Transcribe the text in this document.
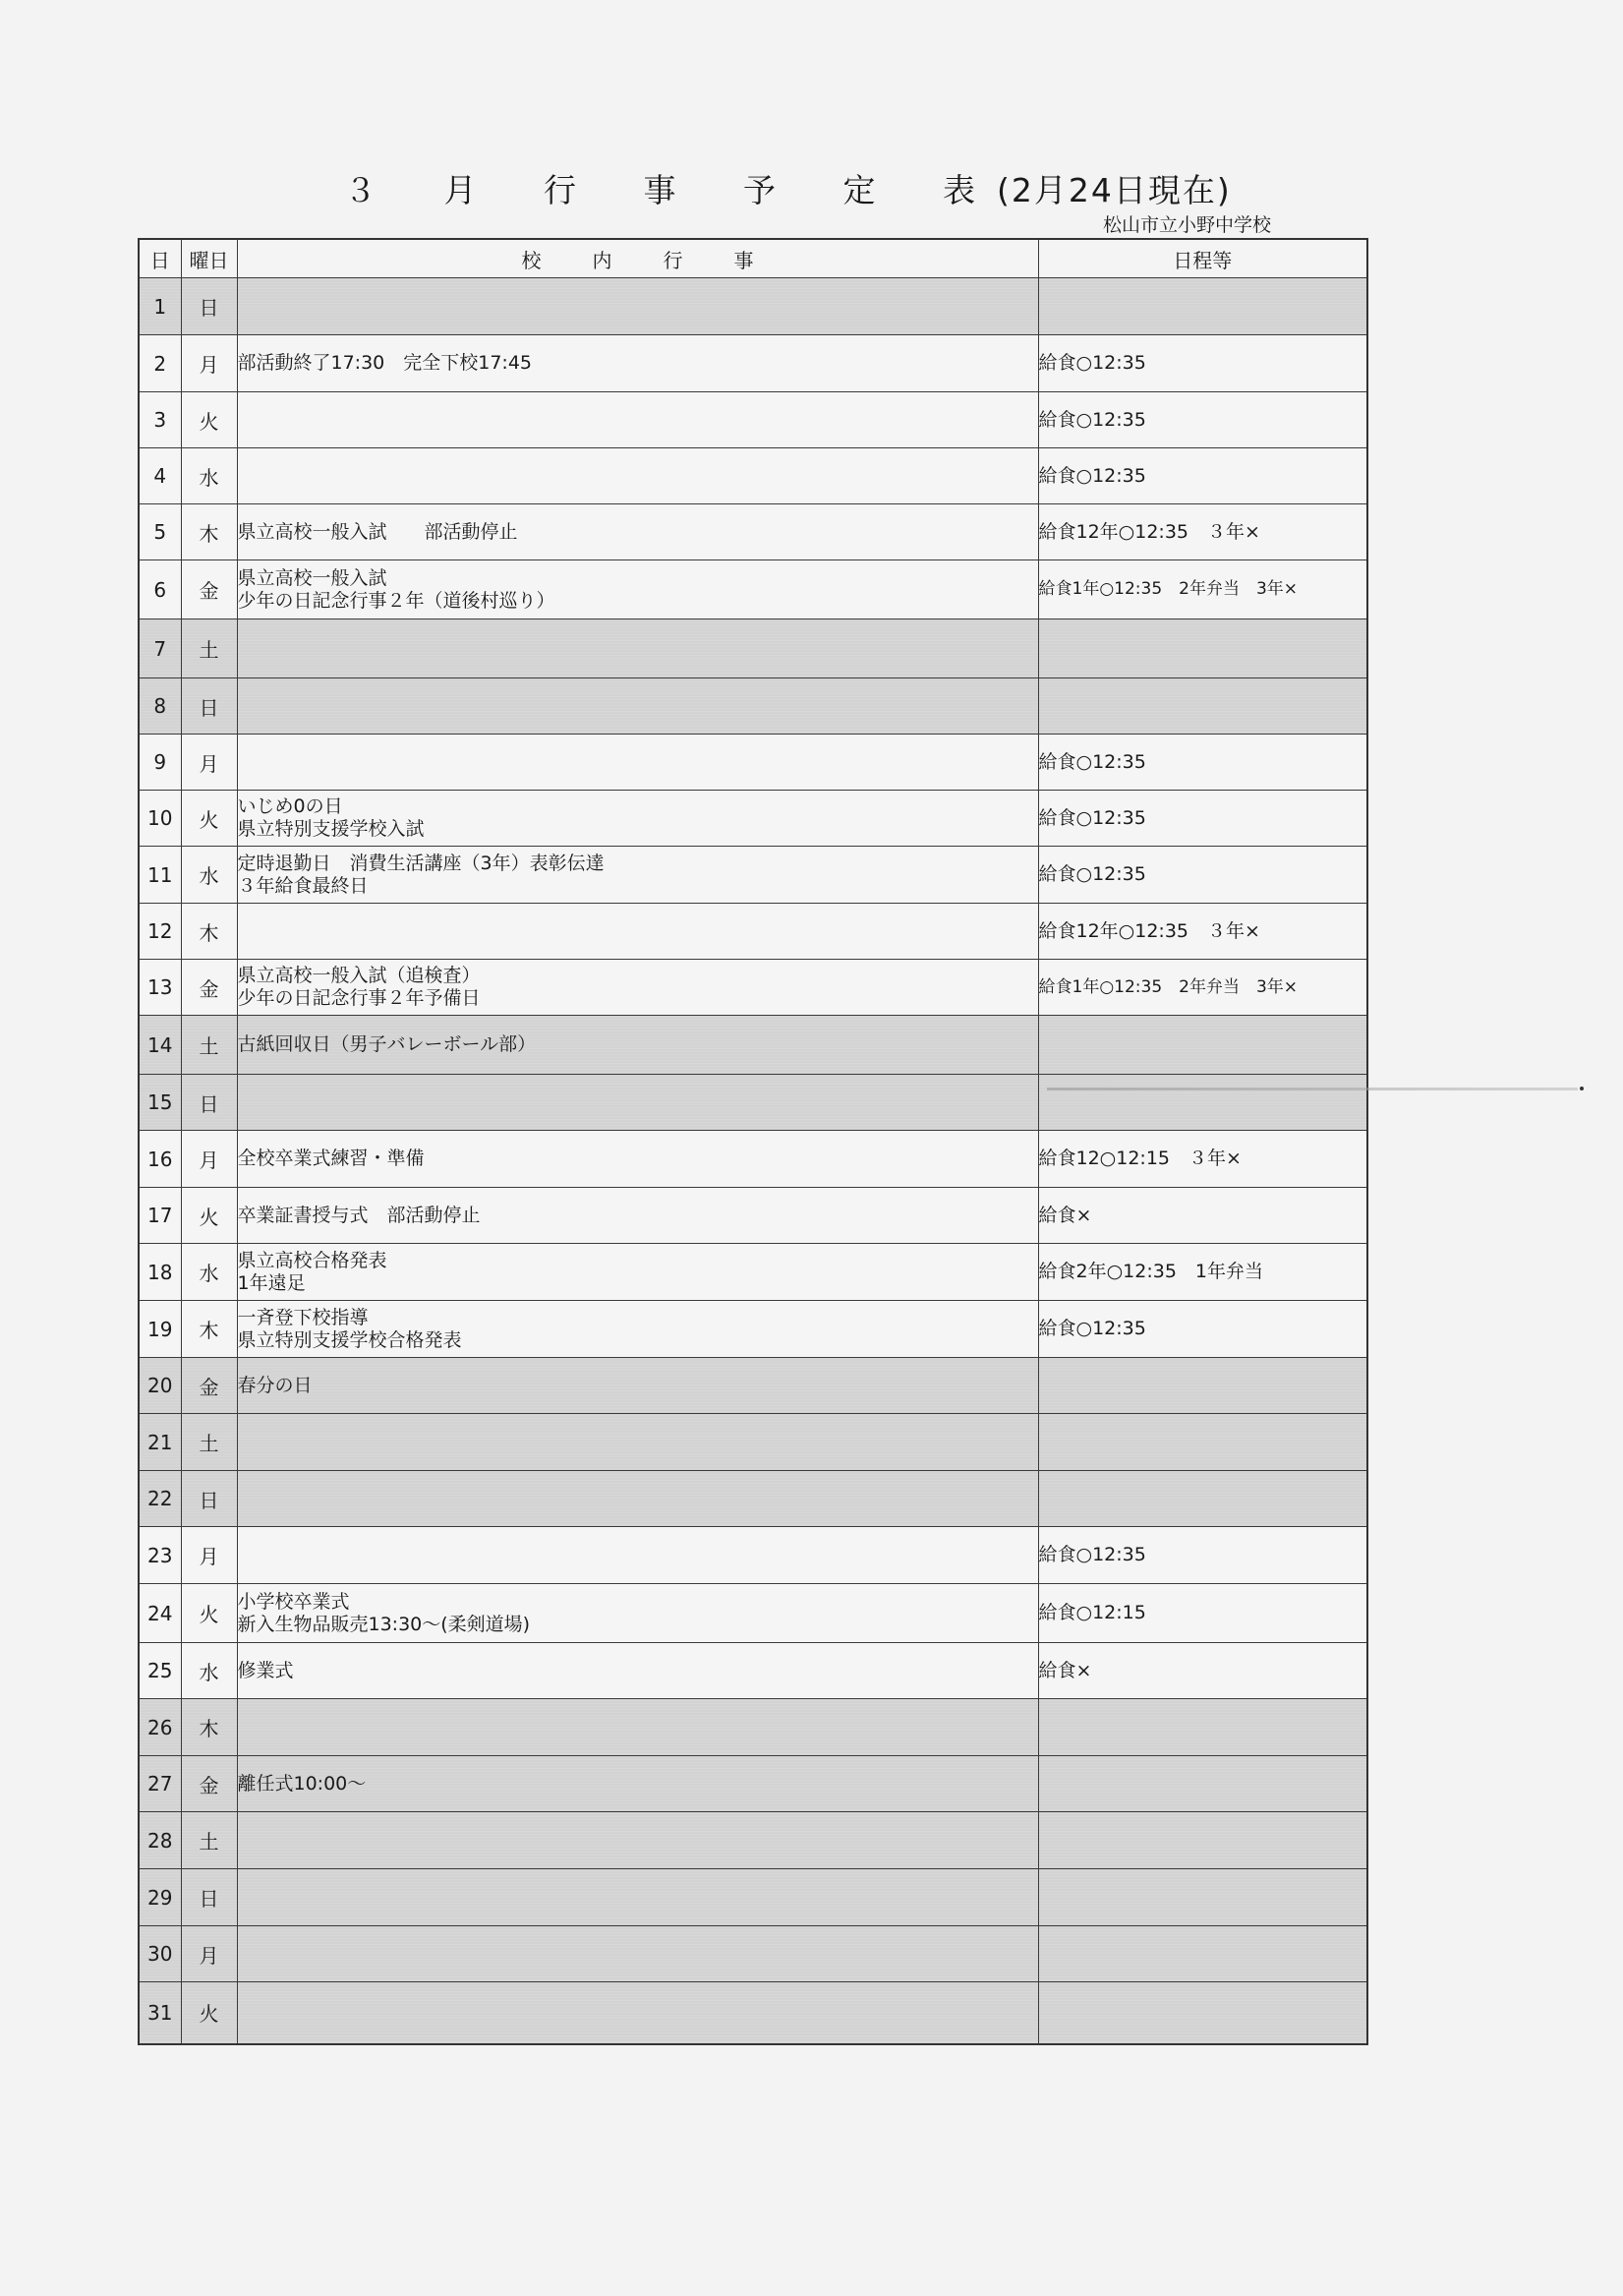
３ 月 行 事 予 定 表(2月24日現在)
松山市立小野中学校
日	曜日	校内行事	日程等
1	日		
2	月	部活動終了17:30　完全下校17:45	給食○12:35
3	火		給食○12:35
4	水		給食○12:35
5	木	県立高校一般入試　　部活動停止	給食12年○12:35　３年×
6	金	県立高校一般入試
少年の日記念行事２年（道後村巡り）	給食1年○12:35　2年弁当　3年×
7	土		
8	日		
9	月		給食○12:35
10	火	いじめ0の日
県立特別支援学校入試	給食○12:35
11	水	定時退勤日　消費生活講座（3年）表彰伝達
３年給食最終日	給食○12:35
12	木		給食12年○12:35　３年×
13	金	県立高校一般入試（追検査）
少年の日記念行事２年予備日	給食1年○12:35　2年弁当　3年×
14	土	古紙回収日（男子バレーボール部）	

15	日		
16	月	全校卒業式練習・準備	給食12○12:15　３年×
17	火	卒業証書授与式　部活動停止	給食×
18	水	県立高校合格発表
1年遠足	給食2年○12:35　1年弁当
19	木	一斉登下校指導
県立特別支援学校合格発表	給食○12:35
20	金	春分の日	

21	土		
22	日		
23	月		給食○12:35
24	火	小学校卒業式
新入生物品販売13:30～(柔剣道場)	給食○12:15
25	水	修業式	給食×
26	木		
27	金	離任式10:00～	

28	土		
29	日		
30	月		
31	火		
